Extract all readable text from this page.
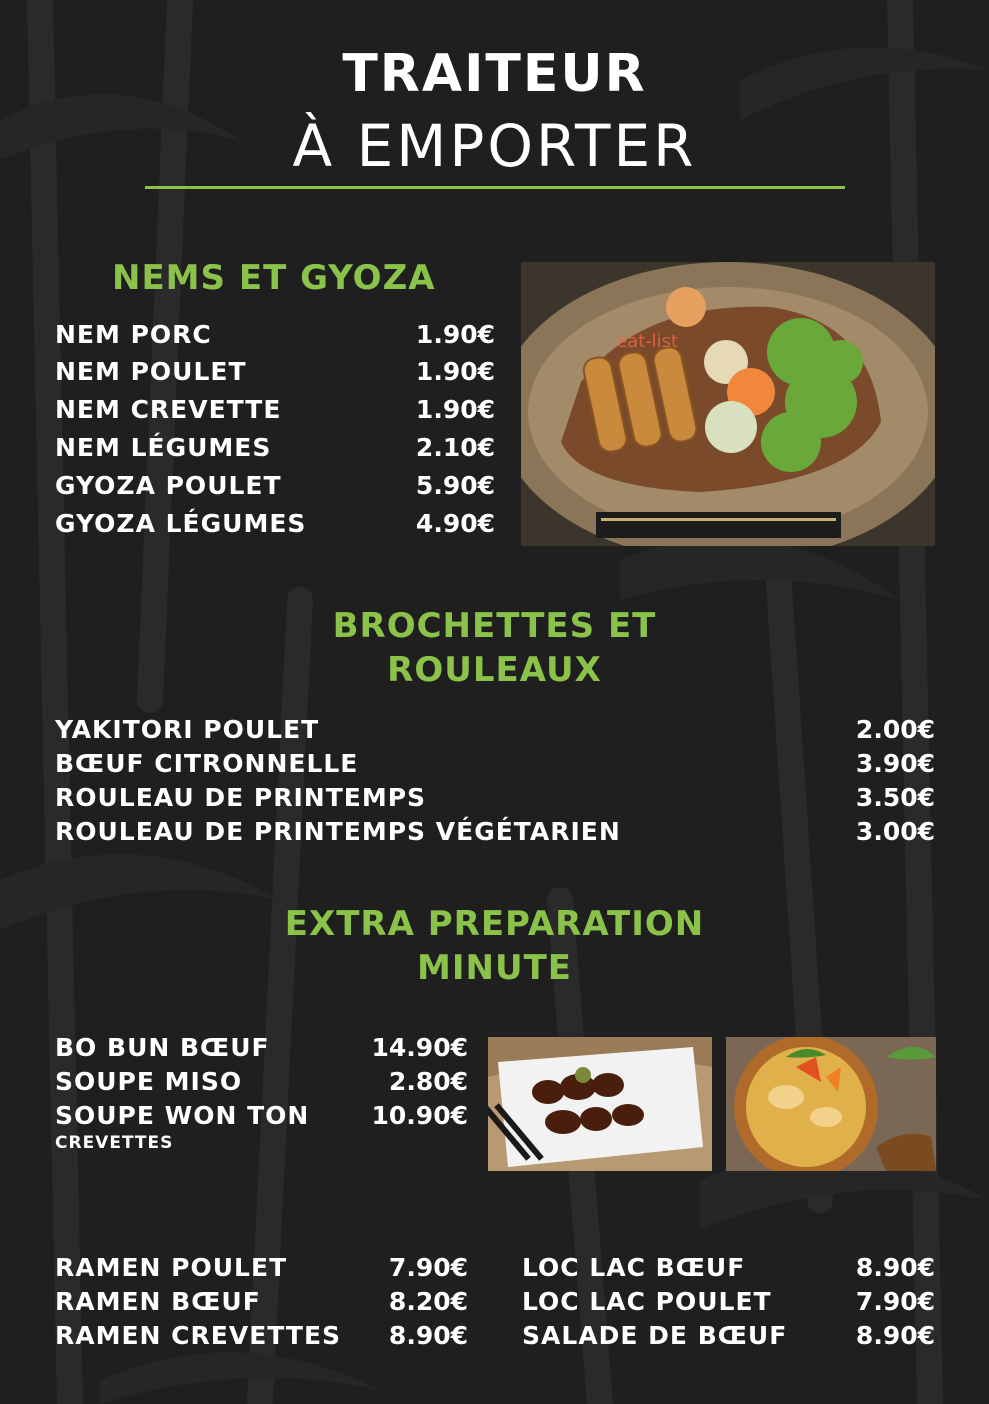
TRAITEUR
À EMPORTER
NEMS ET GYOZA
NEM PORC	1.90€
NEM POULET	1.90€
NEM CREVETTE	1.90€
NEM LÉGUMES	2.10€
GYOZA POULET	5.90€
GYOZA LÉGUMES	4.90€
eat-list
BROCHETTES ET
ROULEAUX
YAKITORI POULET	2.00€
BŒUF CITRONNELLE	3.90€
ROULEAU DE PRINTEMPS	3.50€
ROULEAU DE PRINTEMPS VÉGÉTARIEN	3.00€
EXTRA PREPARATION
MINUTE
BO BUN BŒUF	14.90€
SOUPE MISO	2.80€
SOUPE WON TON	10.90€
CREVETTES
RAMEN POULET	7.90€
RAMEN BŒUF	8.20€
RAMEN CREVETTES	8.90€
LOC LAC BŒUF	8.90€
LOC LAC POULET	7.90€
SALADE DE BŒUF	8.90€
